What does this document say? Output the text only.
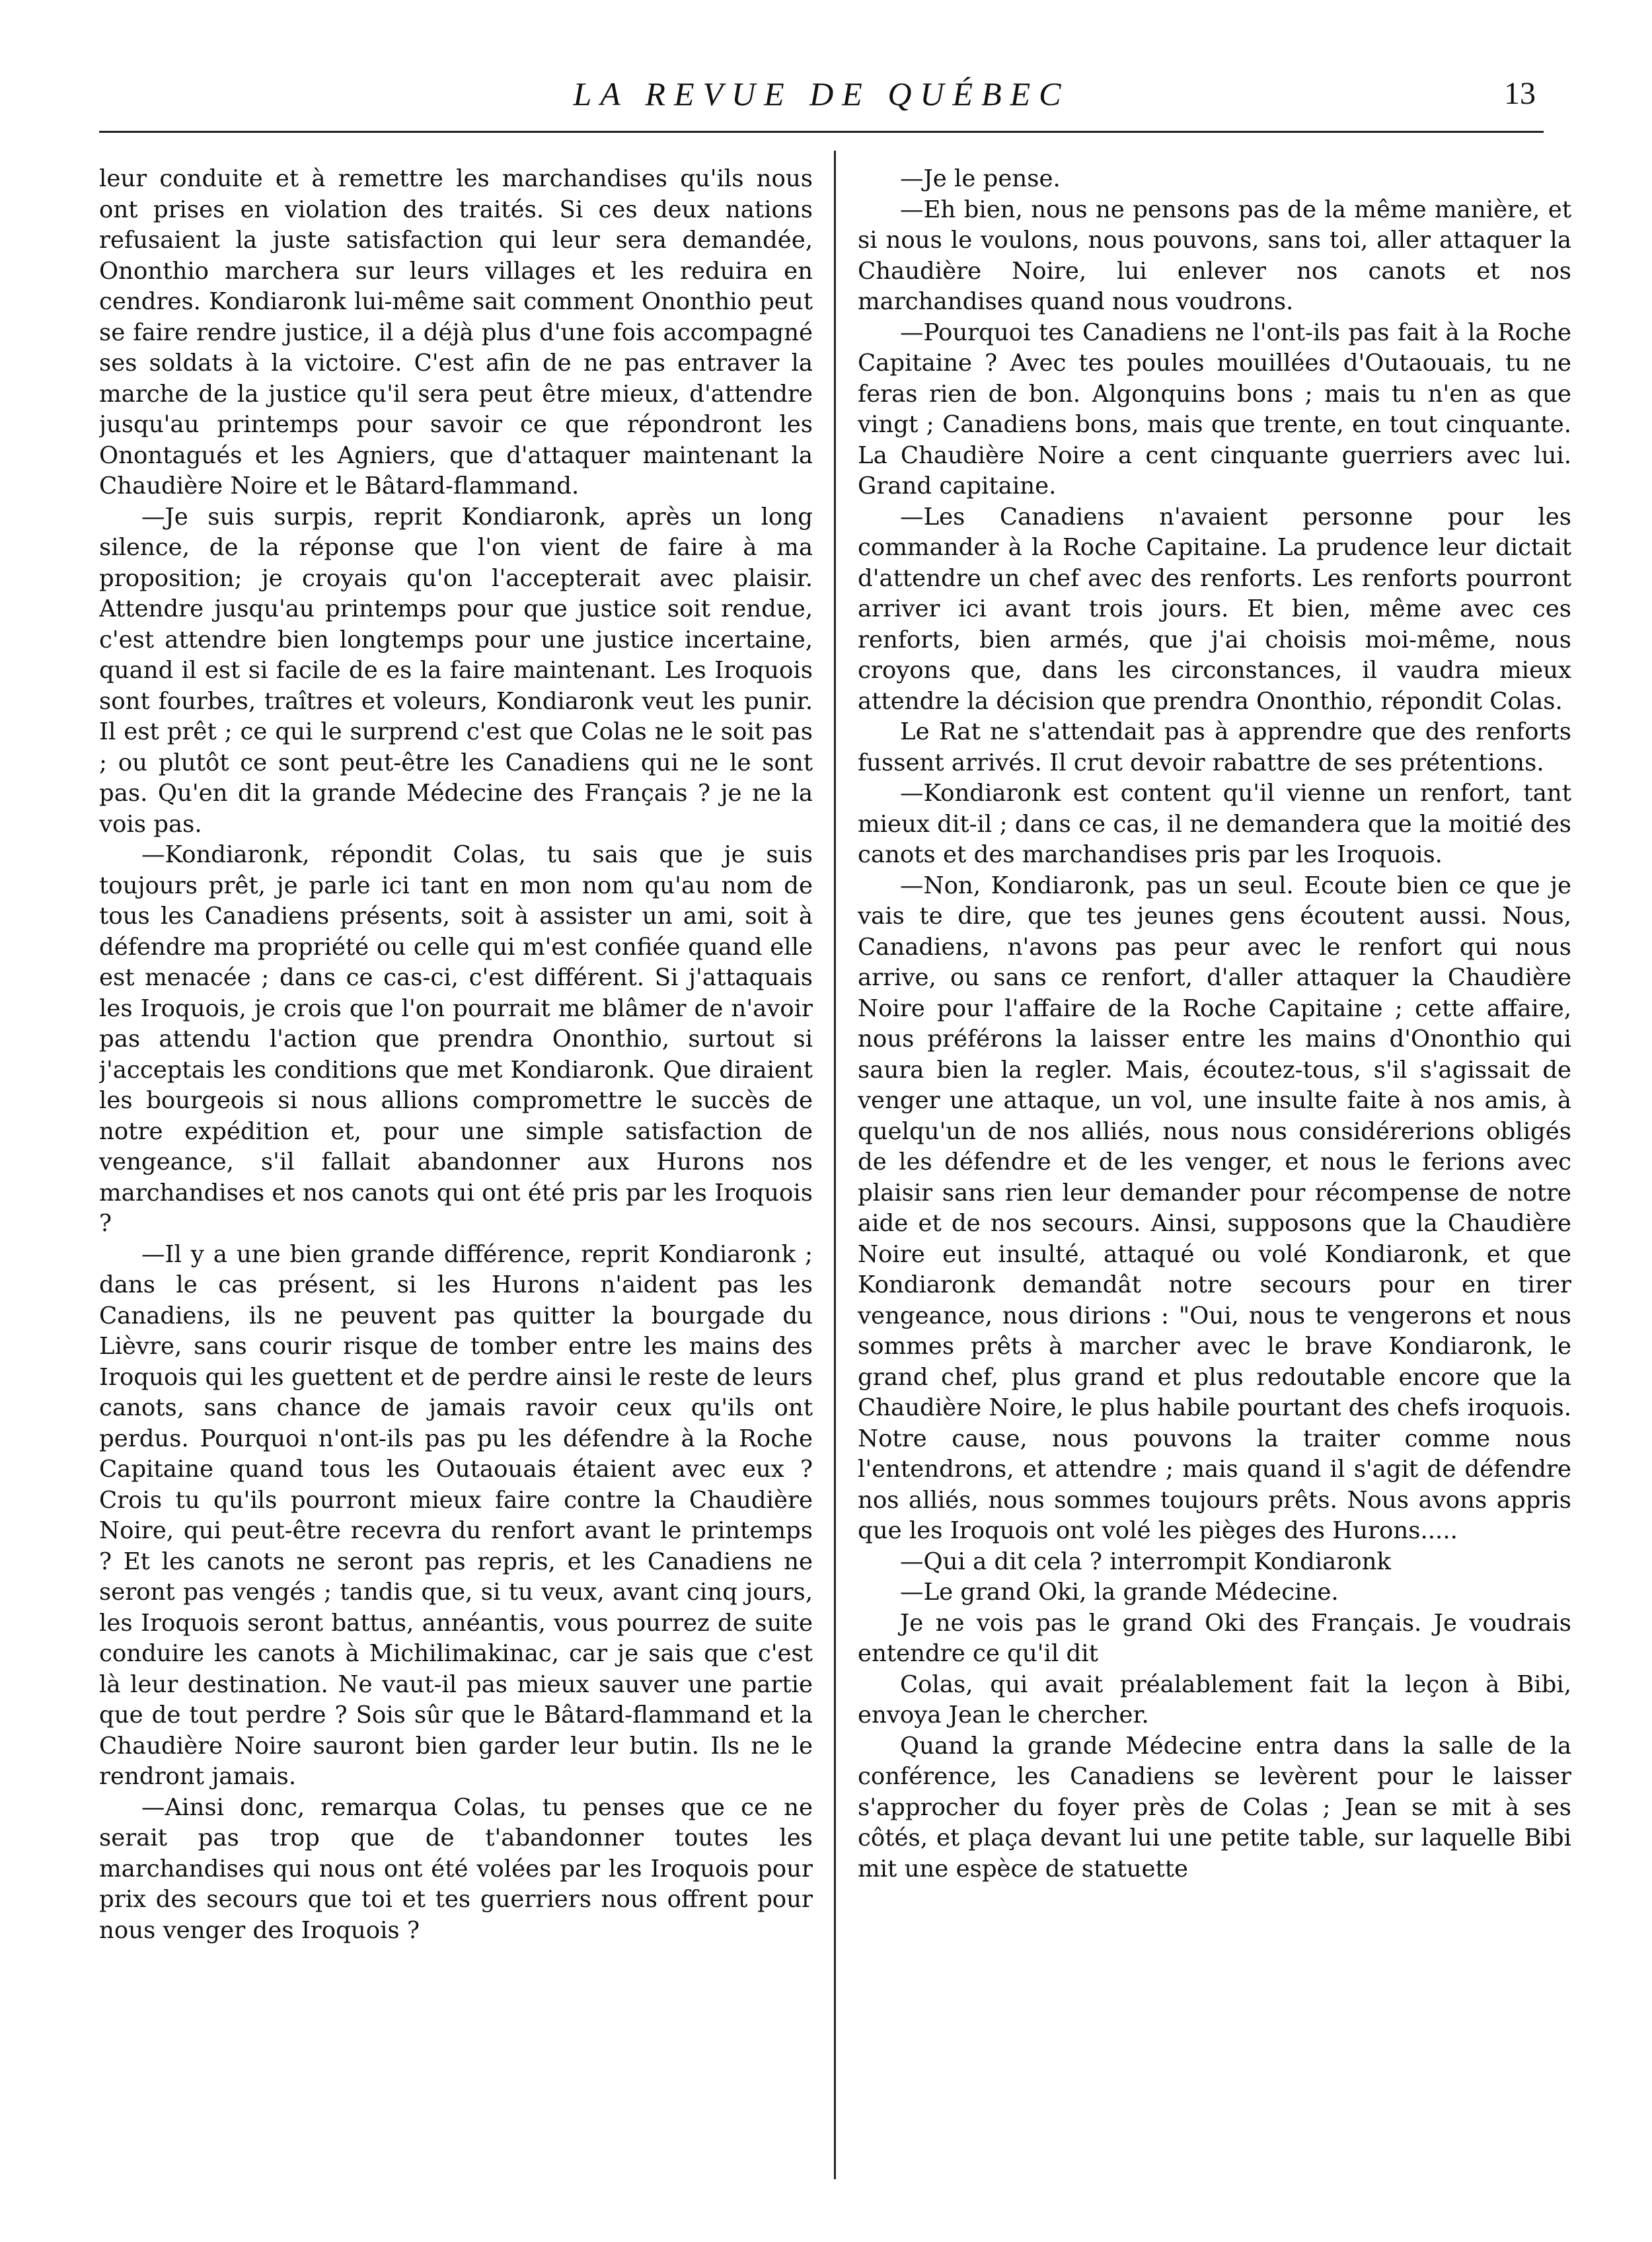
LA REVUE DE QUÉBEC	13

leur conduite et à remettre les marchandises qu'ils nous ont prises en violation des traités. Si ces deux nations refusaient la juste satisfaction qui leur sera demandée, Ononthio marchera sur leurs villages et les reduira en cendres. Kondiaronk lui-même sait comment Ononthio peut se faire rendre justice, il a déjà plus d'une fois accompagné ses soldats à la victoire. C'est afin de ne pas entraver la marche de la justice qu'il sera peut être mieux, d'attendre jusqu'au printemps pour savoir ce que répondront les Onontagués et les Agniers, que d'attaquer maintenant la Chaudière Noire et le Bâtard-flammand.

—Je suis surpis, reprit Kondiaronk, après un long silence, de la réponse que l'on vient de faire à ma proposition; je croyais qu'on l'accepterait avec plaisir. Attendre jusqu'au printemps pour que justice soit rendue, c'est attendre bien longtemps pour une justice incertaine, quand il est si facile de es la faire maintenant. Les Iroquois sont fourbes, traîtres et voleurs, Kondiaronk veut les punir. Il est prêt ; ce qui le surprend c'est que Colas ne le soit pas ; ou plutôt ce sont peut-être les Canadiens qui ne le sont pas. Qu'en dit la grande Médecine des Français ? je ne la vois pas.

—Kondiaronk, répondit Colas, tu sais que je suis toujours prêt, je parle ici tant en mon nom qu'au nom de tous les Canadiens présents, soit à assister un ami, soit à défendre ma propriété ou celle qui m'est confiée quand elle est menacée ; dans ce cas-ci, c'est différent. Si j'attaquais les Iroquois, je crois que l'on pourrait me blâmer de n'avoir pas attendu l'action que prendra Ononthio, surtout si j'acceptais les conditions que met Kondiaronk. Que diraient les bourgeois si nous allions compromettre le succès de notre expédition et, pour une simple satisfaction de vengeance, s'il fallait abandonner aux Hurons nos marchandises et nos canots qui ont été pris par les Iroquois ?

—Il y a une bien grande différence, reprit Kondiaronk ; dans le cas présent, si les Hurons n'aident pas les Canadiens, ils ne peuvent pas quitter la bourgade du Lièvre, sans courir risque de tomber entre les mains des Iroquois qui les guettent et de perdre ainsi le reste de leurs canots, sans chance de jamais ravoir ceux qu'ils ont perdus. Pourquoi n'ont-ils pas pu les défendre à la Roche Capitaine quand tous les Outaouais étaient avec eux ? Crois tu qu'ils pourront mieux faire contre la Chaudière Noire, qui peut-être recevra du renfort avant le printemps ? Et les canots ne seront pas repris, et les Canadiens ne seront pas vengés ; tandis que, si tu veux, avant cinq jours, les Iroquois seront battus, annéantis, vous pourrez de suite conduire les canots à Michilimakinac, car je sais que c'est là leur destination. Ne vaut-il pas mieux sauver une partie que de tout perdre ? Sois sûr que le Bâtard-flammand et la Chaudière Noire sauront bien garder leur butin. Ils ne le rendront jamais.

—Ainsi donc, remarqua Colas, tu penses que ce ne serait pas trop que de t'abandonner toutes les marchandises qui nous ont été volées par les Iroquois pour prix des secours que toi et tes guerriers nous offrent pour nous venger des Iroquois ?

—Je le pense.

—Eh bien, nous ne pensons pas de la même manière, et si nous le voulons, nous pouvons, sans toi, aller attaquer la Chaudière Noire, lui enlever nos canots et nos marchandises quand nous voudrons.

—Pourquoi tes Canadiens ne l'ont-ils pas fait à la Roche Capitaine ? Avec tes poules mouillées d'Outaouais, tu ne feras rien de bon. Algonquins bons ; mais tu n'en as que vingt ; Canadiens bons, mais que trente, en tout cinquante. La Chaudière Noire a cent cinquante guerriers avec lui. Grand capitaine.

—Les Canadiens n'avaient personne pour les commander à la Roche Capitaine. La prudence leur dictait d'attendre un chef avec des renforts. Les renforts pourront arriver ici avant trois jours. Et bien, même avec ces renforts, bien armés, que j'ai choisis moi-même, nous croyons que, dans les circonstances, il vaudra mieux attendre la décision que prendra Ononthio, répondit Colas.

Le Rat ne s'attendait pas à apprendre que des renforts fussent arrivés. Il crut devoir rabattre de ses prétentions.

—Kondiaronk est content qu'il vienne un renfort, tant mieux dit-il ; dans ce cas, il ne demandera que la moitié des canots et des marchandises pris par les Iroquois.

—Non, Kondiaronk, pas un seul. Ecoute bien ce que je vais te dire, que tes jeunes gens écoutent aussi. Nous, Canadiens, n'avons pas peur avec le renfort qui nous arrive, ou sans ce renfort, d'aller attaquer la Chaudière Noire pour l'affaire de la Roche Capitaine ; cette affaire, nous préférons la laisser entre les mains d'Ononthio qui saura bien la regler. Mais, écoutez-tous, s'il s'agissait de venger une attaque, un vol, une insulte faite à nos amis, à quelqu'un de nos alliés, nous nous considérerions obligés de les défendre et de les venger, et nous le ferions avec plaisir sans rien leur demander pour récompense de notre aide et de nos secours. Ainsi, supposons que la Chaudière Noire eut insulté, attaqué ou volé Kondiaronk, et que Kondiaronk demandât notre secours pour en tirer vengeance, nous dirions : "Oui, nous te vengerons et nous sommes prêts à marcher avec le brave Kondiaronk, le grand chef, plus grand et plus redoutable encore que la Chaudière Noire, le plus habile pourtant des chefs iroquois. Notre cause, nous pouvons la traiter comme nous l'entendrons, et attendre ; mais quand il s'agit de défendre nos alliés, nous sommes toujours prêts. Nous avons appris que les Iroquois ont volé les pièges des Hurons.....

—Qui a dit cela ? interrompit Kondiaronk

—Le grand Oki, la grande Médecine.

Je ne vois pas le grand Oki des Français. Je voudrais entendre ce qu'il dit

Colas, qui avait préalablement fait la leçon à Bibi, envoya Jean le chercher.

Quand la grande Médecine entra dans la salle de la conférence, les Canadiens se levèrent pour le laisser s'approcher du foyer près de Colas ; Jean se mit à ses côtés, et plaça devant lui une petite table, sur laquelle Bibi mit une espèce de statuette
